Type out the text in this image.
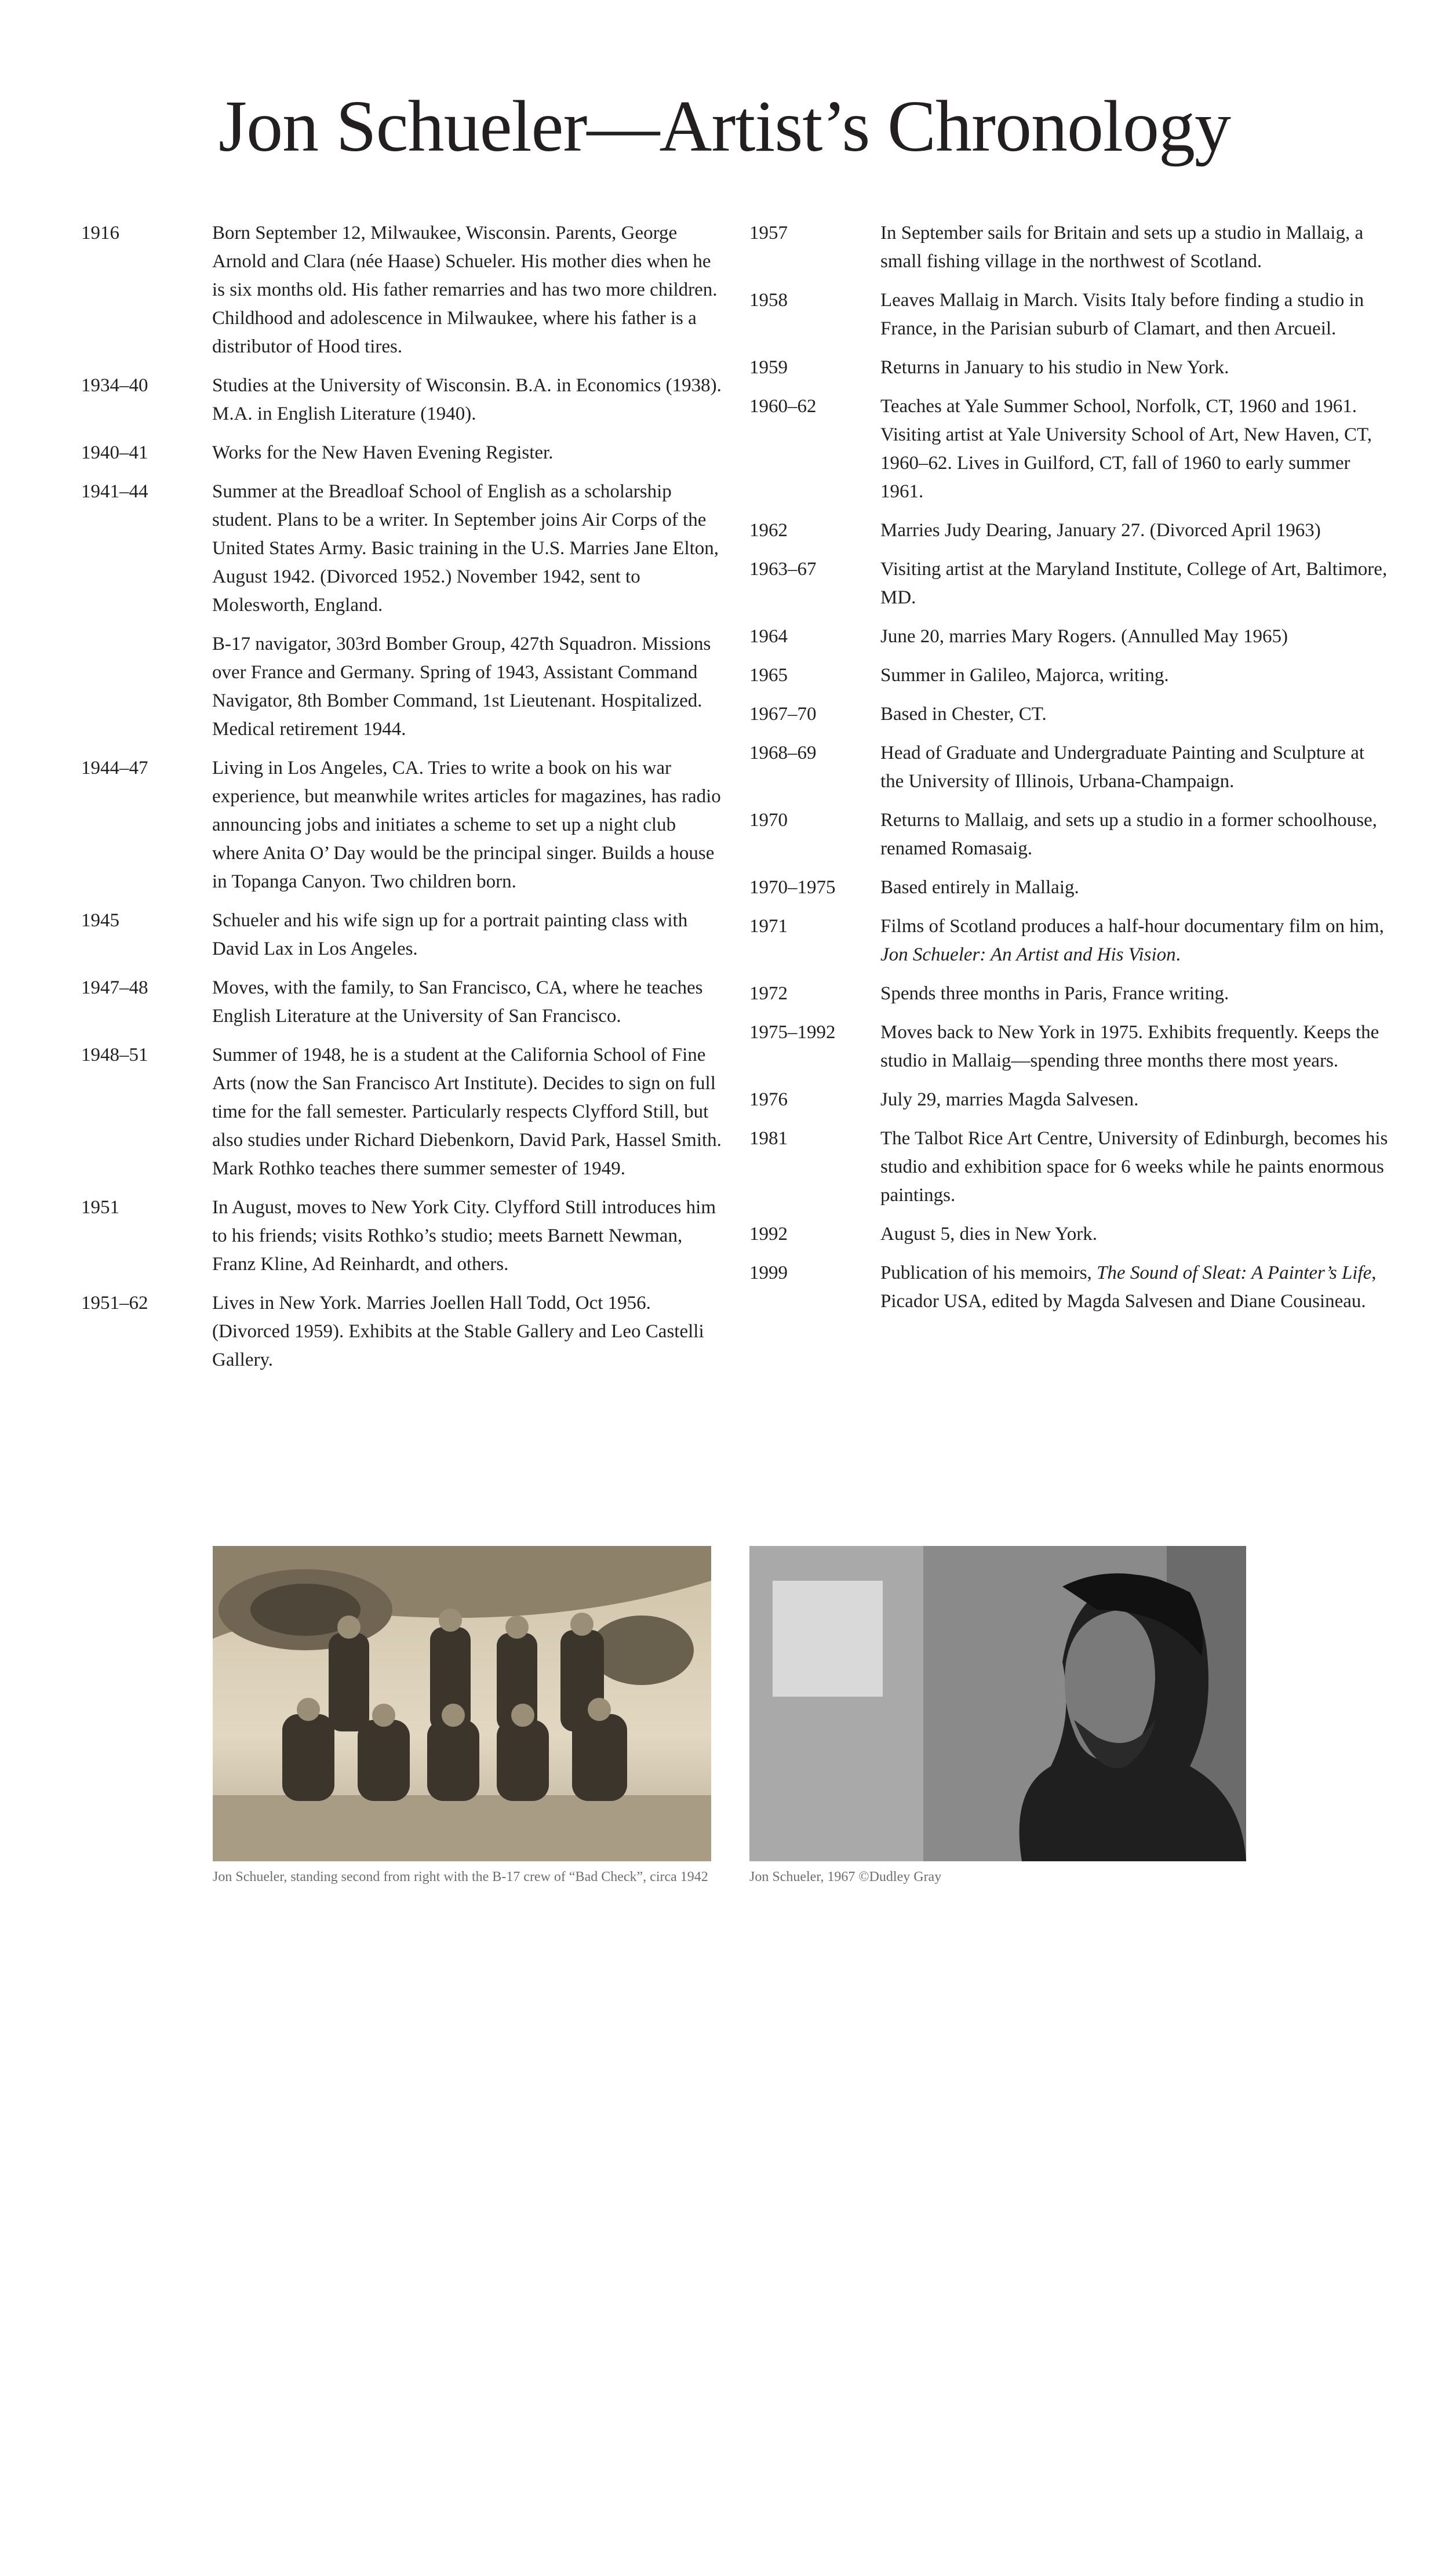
Jon Schueler—Artist’s Chronology
1916	Born September 12, Milwaukee, Wisconsin. Parents, George Arnold and Clara (née Haase) Schueler. His mother dies when he is six months old. His father remarries and has two more children. Childhood and adolescence in Milwaukee, where his father is a distributor of Hood tires.
1934–40	Studies at the University of Wisconsin. B.A. in Economics (1938). M.A. in English Literature (1940).
1940–41	Works for the New Haven Evening Register.
1941–44	Summer at the Breadloaf School of English as a scholarship student. Plans to be a writer. In September joins Air Corps of the United States Army. Basic training in the U.S. Marries Jane Elton, August 1942. (Divorced 1952.) November 1942, sent to Molesworth, England.
B-17 navigator, 303rd Bomber Group, 427th Squadron. Missions over France and Germany. Spring of 1943, Assistant Command Navigator, 8th Bomber Command, 1st Lieutenant. Hospitalized. Medical retirement 1944.
1944–47	Living in Los Angeles, CA. Tries to write a book on his war experience, but meanwhile writes articles for magazines, has radio announcing jobs and initiates a scheme to set up a night club where Anita O’ Day would be the principal singer. Builds a house in Topanga Canyon. Two children born.
1945	Schueler and his wife sign up for a portrait painting class with David Lax in Los Angeles.
1947–48	Moves, with the family, to San Francisco, CA, where he teaches English Literature at the University of San Francisco.
1948–51	Summer of 1948, he is a student at the California School of Fine Arts (now the San Francisco Art Institute). Decides to sign on full time for the fall semester. Particularly respects Clyfford Still, but also studies under Richard Diebenkorn, David Park, Hassel Smith. Mark Rothko teaches there summer semester of 1949.
1951	In August, moves to New York City. Clyfford Still introduces him to his friends; visits Rothko’s studio; meets Barnett Newman, Franz Kline, Ad Reinhardt, and others.
1951–62	Lives in New York. Marries Joellen Hall Todd, Oct 1956. (Divorced 1959). Exhibits at the Stable Gallery and Leo Castelli Gallery.
1957	In September sails for Britain and sets up a studio in Mallaig, a small fishing village in the northwest of Scotland.
1958	Leaves Mallaig in March. Visits Italy before finding a studio in France, in the Parisian suburb of Clamart, and then Arcueil.
1959	Returns in January to his studio in New York.
1960–62	Teaches at Yale Summer School, Norfolk, CT, 1960 and 1961. Visiting artist at Yale University School of Art, New Haven, CT, 1960–62. Lives in Guilford, CT, fall of 1960 to early summer 1961.
1962	Marries Judy Dearing, January 27. (Divorced April 1963)
1963–67	Visiting artist at the Maryland Institute, College of Art, Baltimore, MD.
1964	June 20, marries Mary Rogers. (Annulled May 1965)
1965	Summer in Galileo, Majorca, writing.
1967–70	Based in Chester, CT.
1968–69	Head of Graduate and Undergraduate Painting and Sculpture at the University of Illinois, Urbana-Champaign.
1970	Returns to Mallaig, and sets up a studio in a former schoolhouse, renamed Romasaig.
1970–1975	Based entirely in Mallaig.
1971	Films of Scotland produces a half-hour documentary film on him, Jon Schueler: An Artist and His Vision.
1972	Spends three months in Paris, France writing.
1975–1992	Moves back to New York in 1975. Exhibits frequently. Keeps the studio in Mallaig—spending three months there most years.
1976	July 29, marries Magda Salvesen.
1981	The Talbot Rice Art Centre, University of Edinburgh, becomes his studio and exhibition space for 6 weeks while he paints enormous paintings.
1992	August 5, dies in New York.
1999	Publication of his memoirs, The Sound of Sleat: A Painter’s Life, Picador USA, edited by Magda Salvesen and Diane Cousineau.
Jon Schueler, standing second from right with the B-17 crew of “Bad Check”, circa 1942	Jon Schueler, 1967 ©Dudley Gray
